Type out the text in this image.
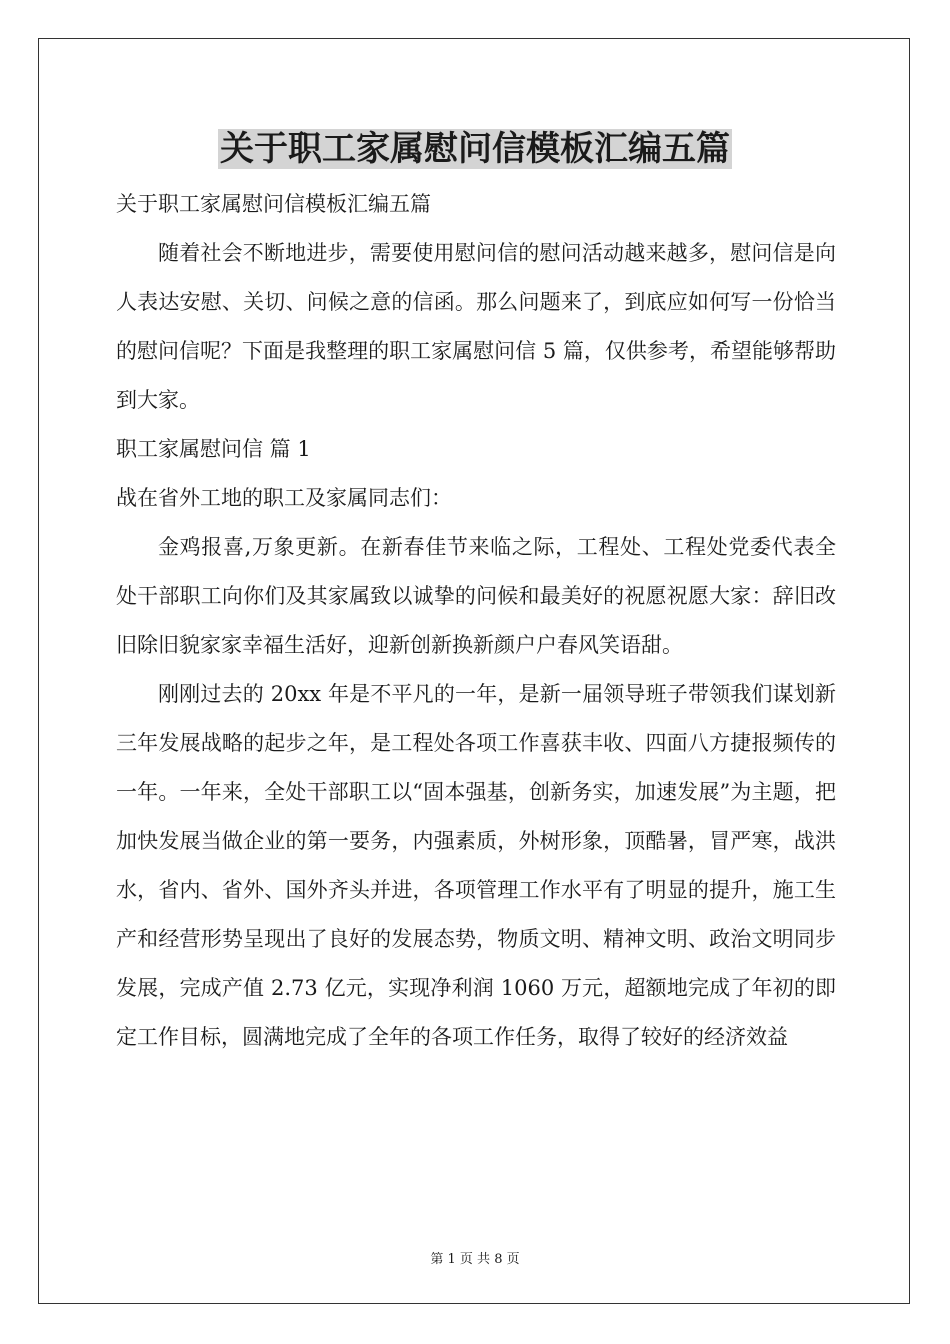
关于职工家属慰问信模板汇编五篇

关于职工家属慰问信模板汇编五篇

随着社会不断地进步，需要使用慰问信的慰问活动越来越多，慰问信是向人表达安慰、关切、问候之意的信函。那么问题来了，到底应如何写一份恰当的慰问信呢？下面是我整理的职工家属慰问信 5 篇，仅供参考，希望能够帮助到大家。

职工家属慰问信 篇 1

战在省外工地的职工及家属同志们：

金鸡报喜,万象更新。在新春佳节来临之际，工程处、工程处党委代表全处干部职工向你们及其家属致以诚挚的问候和最美好的祝愿祝愿大家：辞旧改旧除旧貌家家幸福生活好，迎新创新换新颜户户春风笑语甜。

刚刚过去的 20xx 年是不平凡的一年，是新一届领导班子带领我们谋划新三年发展战略的起步之年，是工程处各项工作喜获丰收、四面八方捷报频传的一年。一年来，全处干部职工以“固本强基，创新务实，加速发展”为主题，把加快发展当做企业的第一要务，内强素质，外树形象，顶酷暑，冒严寒，战洪水，省内、省外、国外齐头并进，各项管理工作水平有了明显的提升，施工生产和经营形势呈现出了良好的发展态势，物质文明、精神文明、政治文明同步发展，完成产值 2.73 亿元，实现净利润 1060 万元，超额地完成了年初的即定工作目标，圆满地完成了全年的各项工作任务，取得了较好的经济效益

第 1 页 共 8 页
